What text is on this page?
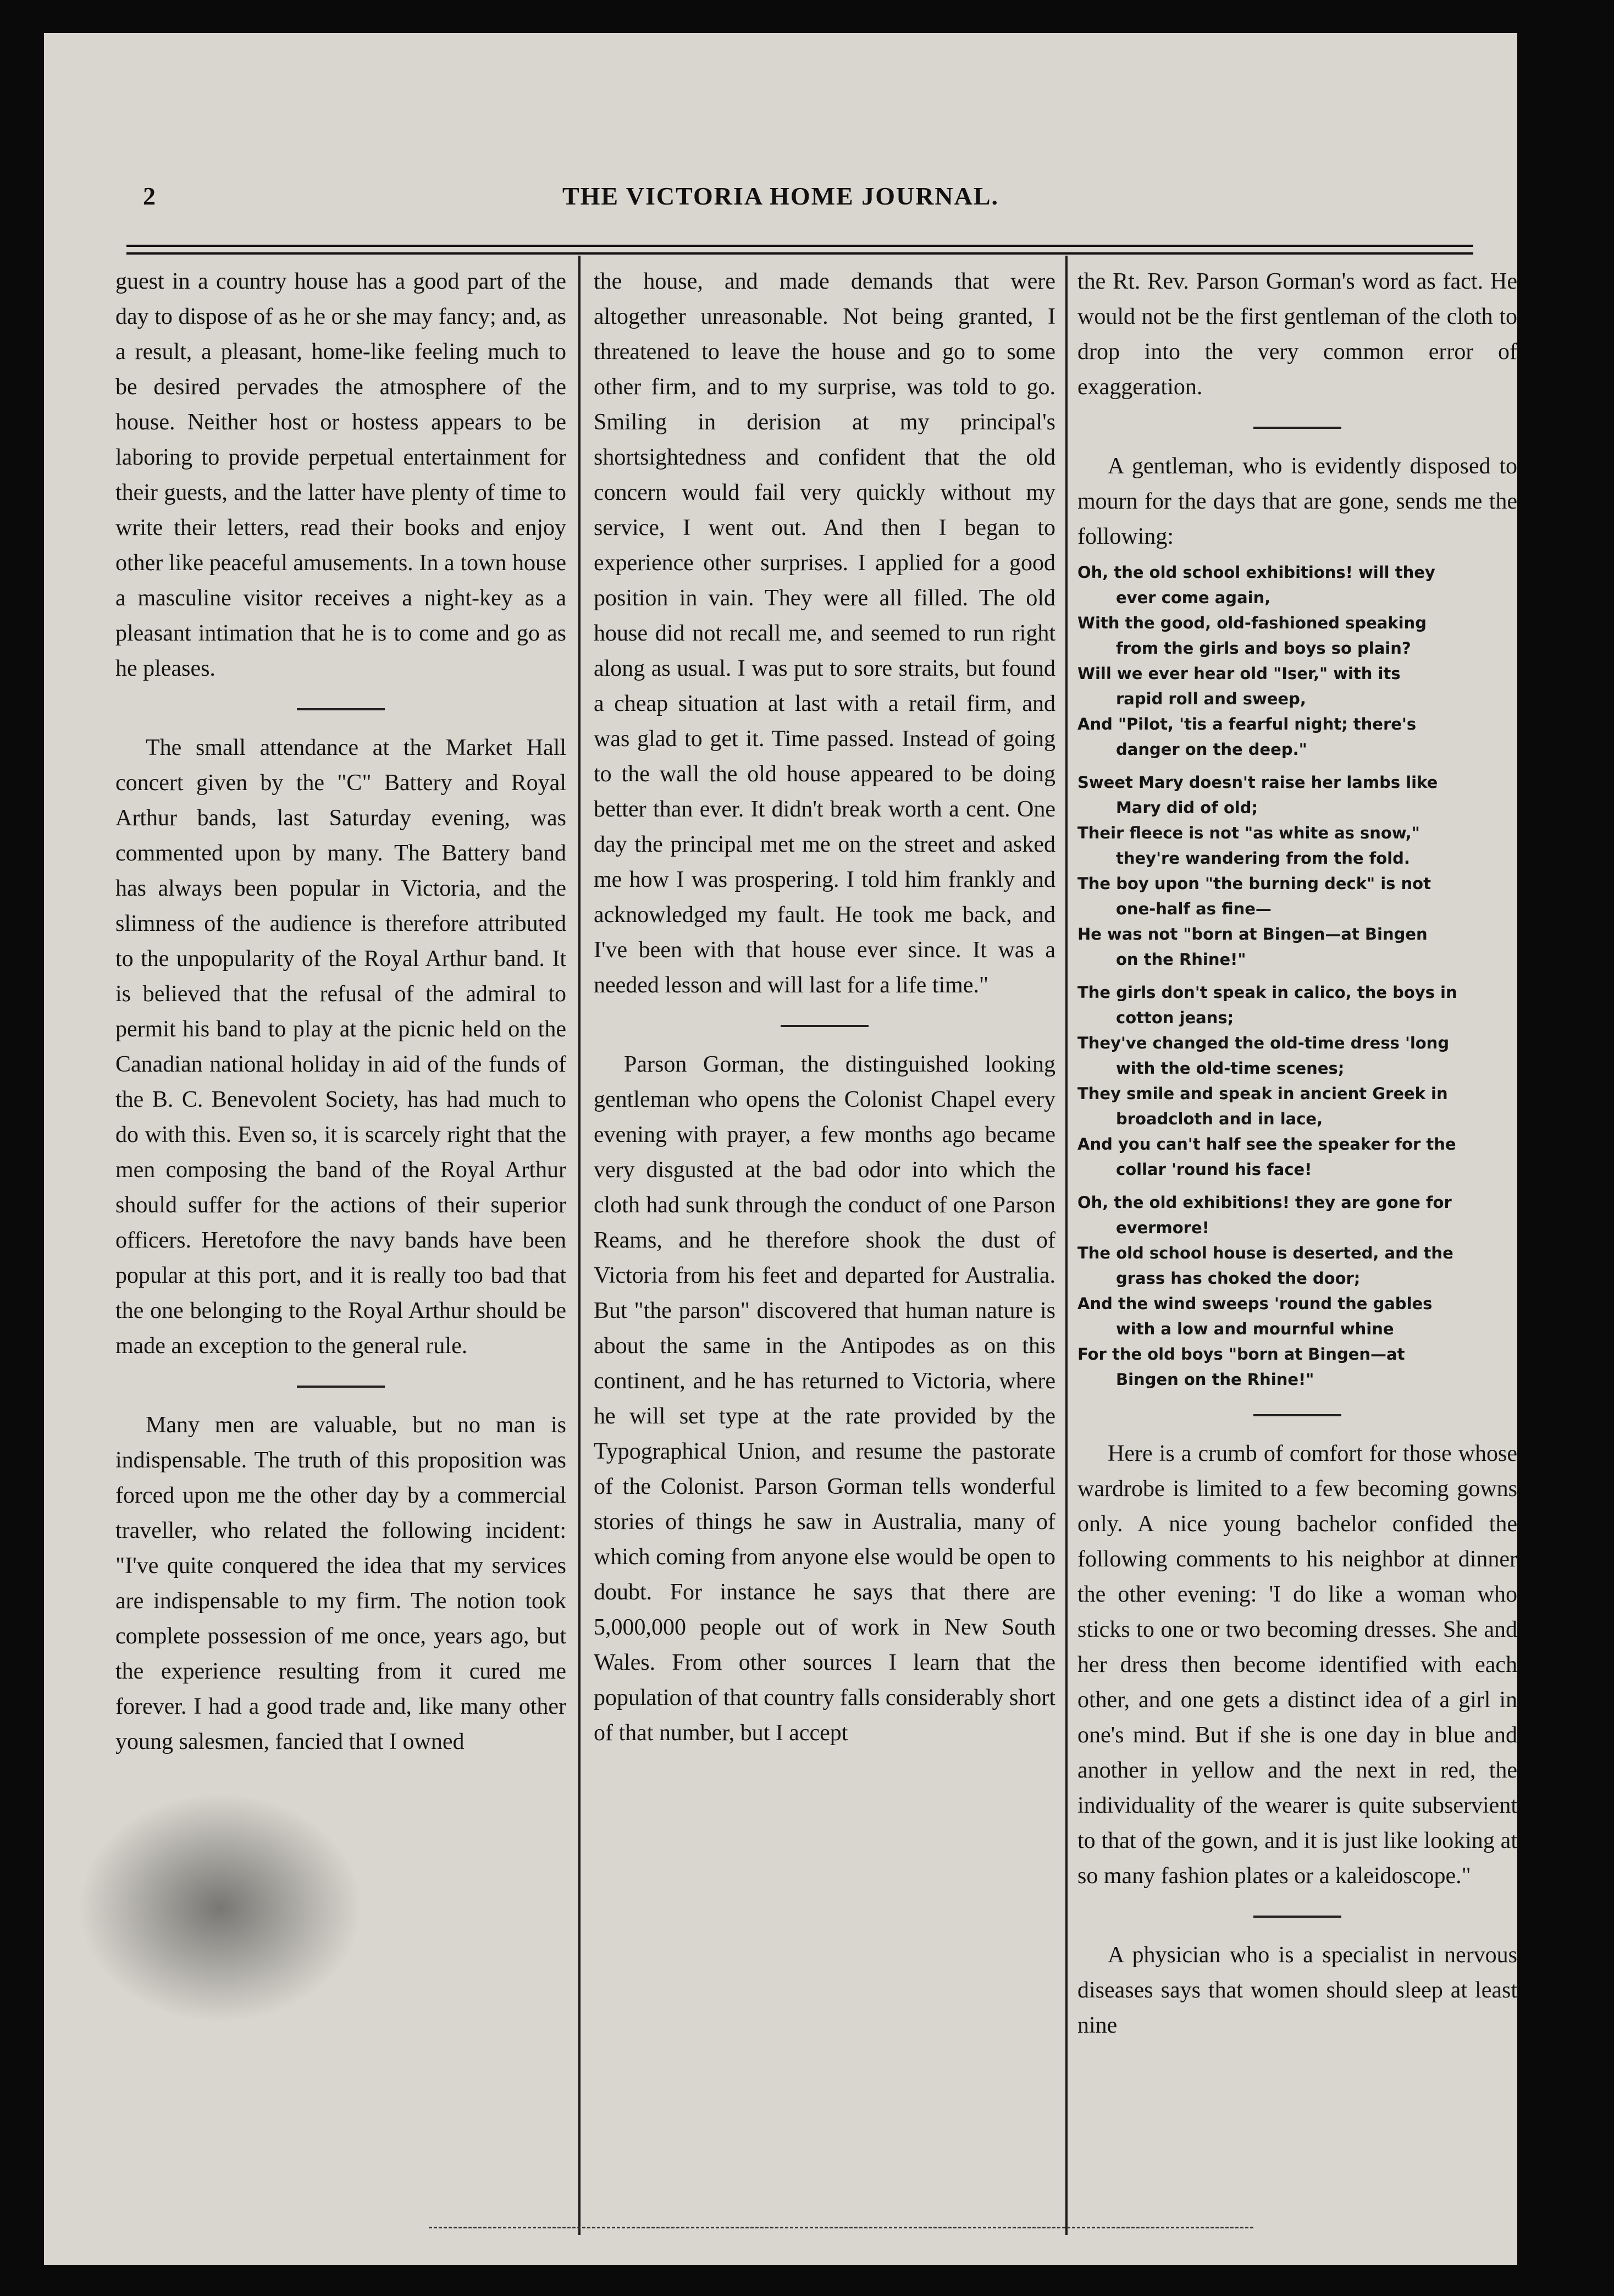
2	THE VICTORIA HOME JOURNAL.

guest in a country house has a good part of the day to dispose of as he or she may fancy; and, as a result, a pleasant, home-like feeling much to be desired pervades the atmosphere of the house. Neither host or hostess appears to be laboring to provide perpetual entertainment for their guests, and the latter have plenty of time to write their letters, read their books and enjoy other like peaceful amusements. In a town house a masculine visitor receives a night-key as a pleasant intimation that he is to come and go as he pleases.

The small attendance at the Market Hall concert given by the "C" Battery and Royal Arthur bands, last Saturday evening, was commented upon by many. The Battery band has always been popular in Victoria, and the slimness of the audience is therefore attributed to the unpopularity of the Royal Arthur band. It is believed that the refusal of the admiral to permit his band to play at the picnic held on the Canadian national holiday in aid of the funds of the B. C. Benevolent Society, has had much to do with this. Even so, it is scarcely right that the men composing the band of the Royal Arthur should suffer for the actions of their superior officers. Heretofore the navy bands have been popular at this port, and it is really too bad that the one belonging to the Royal Arthur should be made an exception to the general rule.

Many men are valuable, but no man is indispensable. The truth of this proposition was forced upon me the other day by a commercial traveller, who related the following incident: "I've quite conquered the idea that my services are indispensable to my firm. The notion took complete possession of me once, years ago, but the experience resulting from it cured me forever. I had a good trade and, like many other young salesmen, fancied that I owned

the house, and made demands that were altogether unreasonable. Not being granted, I threatened to leave the house and go to some other firm, and to my surprise, was told to go. Smiling in derision at my principal's shortsightedness and confident that the old concern would fail very quickly without my service, I went out. And then I began to experience other surprises. I applied for a good position in vain. They were all filled. The old house did not recall me, and seemed to run right along as usual. I was put to sore straits, but found a cheap situation at last with a retail firm, and was glad to get it. Time passed. Instead of going to the wall the old house appeared to be doing better than ever. It didn't break worth a cent. One day the principal met me on the street and asked me how I was prospering. I told him frankly and acknowledged my fault. He took me back, and I've been with that house ever since. It was a needed lesson and will last for a life time."

Parson Gorman, the distinguished looking gentleman who opens the Colonist Chapel every evening with prayer, a few months ago became very disgusted at the bad odor into which the cloth had sunk through the conduct of one Parson Reams, and he therefore shook the dust of Victoria from his feet and departed for Australia. But "the parson" discovered that human nature is about the same in the Antipodes as on this continent, and he has returned to Victoria, where he will set type at the rate provided by the Typographical Union, and resume the pastorate of the Colonist. Parson Gorman tells wonderful stories of things he saw in Australia, many of which coming from anyone else would be open to doubt. For instance he says that there are 5,000,000 people out of work in New South Wales. From other sources I learn that the population of that country falls considerably short of that number, but I accept

the Rt. Rev. Parson Gorman's word as fact. He would not be the first gentleman of the cloth to drop into the very common error of exaggeration.

A gentleman, who is evidently disposed to mourn for the days that are gone, sends me the following:

Oh, the old school exhibitions! will they
ever come again,
With the good, old-fashioned speaking
from the girls and boys so plain?
Will we ever hear old "Iser," with its
rapid roll and sweep,
And "Pilot, 'tis a fearful night; there's
danger on the deep."
Sweet Mary doesn't raise her lambs like
Mary did of old;
Their fleece is not "as white as snow,"
they're wandering from the fold.
The boy upon "the burning deck" is not
one-half as fine—
He was not "born at Bingen—at Bingen
on the Rhine!"
The girls don't speak in calico, the boys in
cotton jeans;
They've changed the old-time dress 'long
with the old-time scenes;
They smile and speak in ancient Greek in
broadcloth and in lace,
And you can't half see the speaker for the
collar 'round his face!
Oh, the old exhibitions! they are gone for
evermore!
The old school house is deserted, and the
grass has choked the door;
And the wind sweeps 'round the gables
with a low and mournful whine
For the old boys "born at Bingen—at
Bingen on the Rhine!"

Here is a crumb of comfort for those whose wardrobe is limited to a few becoming gowns only. A nice young bachelor confided the following comments to his neighbor at dinner the other evening: 'I do like a woman who sticks to one or two becoming dresses. She and her dress then become identified with each other, and one gets a distinct idea of a girl in one's mind. But if she is one day in blue and another in yellow and the next in red, the individuality of the wearer is quite subservient to that of the gown, and it is just like looking at so many fashion plates or a kaleidoscope."

A physician who is a specialist in nervous diseases says that women should sleep at least nine
